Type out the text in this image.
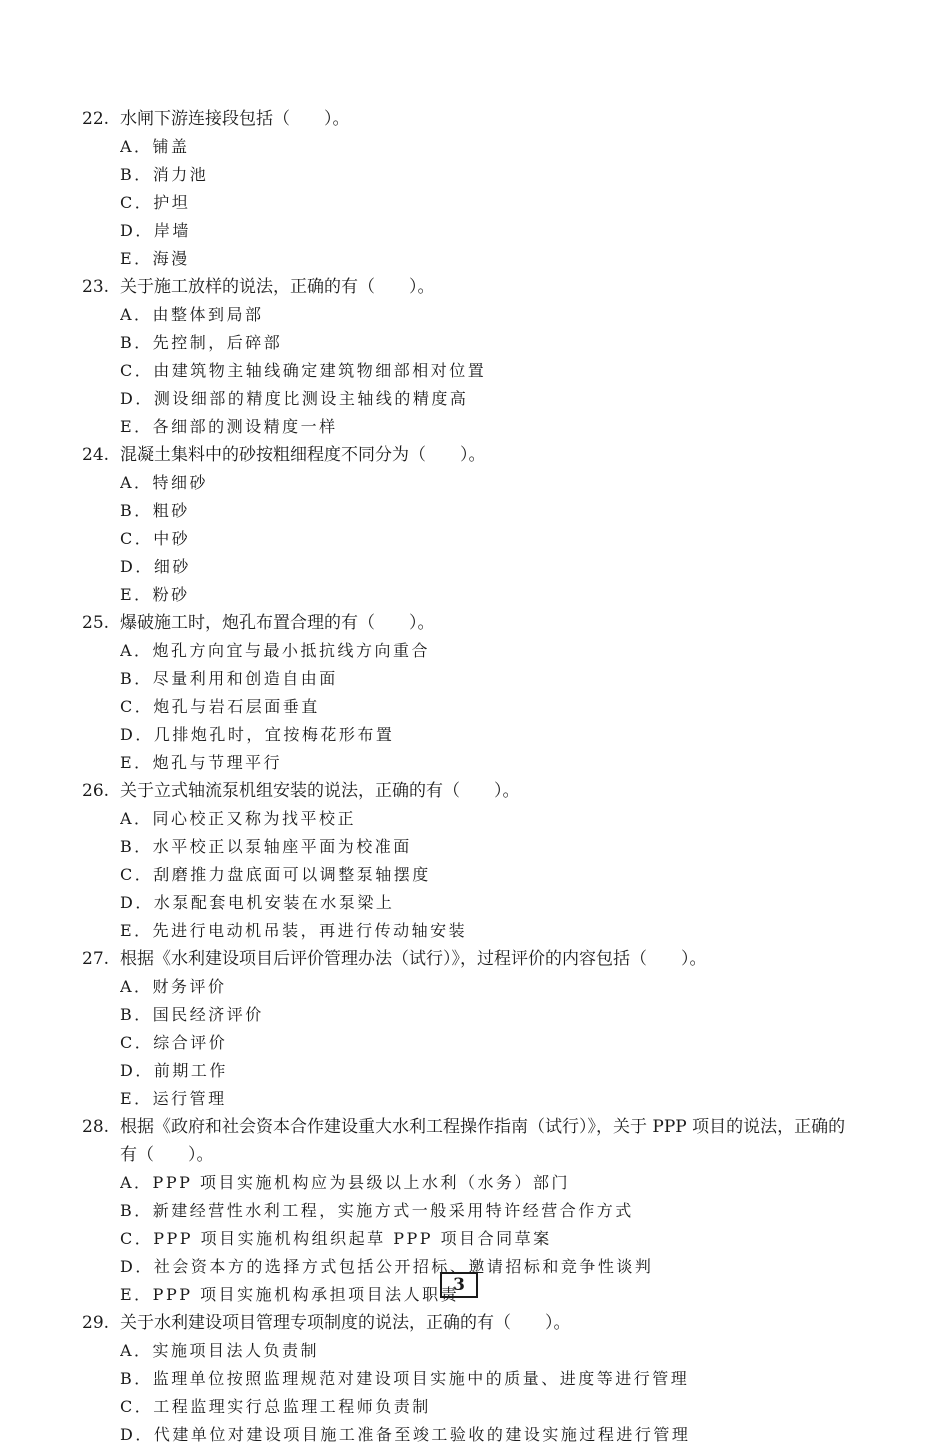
22. 水闸下游连接段包括（　　）。
A．铺盖
B．消力池
C．护坦
D．岸墙
E．海漫
23. 关于施工放样的说法，正确的有（　　）。
A．由整体到局部
B．先控制，后碎部
C．由建筑物主轴线确定建筑物细部相对位置
D．测设细部的精度比测设主轴线的精度高
E．各细部的测设精度一样
24. 混凝土集料中的砂按粗细程度不同分为（　　）。
A．特细砂
B．粗砂
C．中砂
D．细砂
E．粉砂
25. 爆破施工时，炮孔布置合理的有（　　）。
A．炮孔方向宜与最小抵抗线方向重合
B．尽量利用和创造自由面
C．炮孔与岩石层面垂直
D．几排炮孔时，宜按梅花形布置
E．炮孔与节理平行
26. 关于立式轴流泵机组安装的说法，正确的有（　　）。
A．同心校正又称为找平校正
B．水平校正以泵轴座平面为校准面
C．刮磨推力盘底面可以调整泵轴摆度
D．水泵配套电机安装在水泵梁上
E．先进行电动机吊装，再进行传动轴安装
27. 根据《水利建设项目后评价管理办法（试行）》，过程评价的内容包括（　　）。
A．财务评价
B．国民经济评价
C．综合评价
D．前期工作
E．运行管理
28. 根据《政府和社会资本合作建设重大水利工程操作指南（试行）》，关于 PPP 项目的说法，正确的有（　　）。
A．PPP 项目实施机构应为县级以上水利（水务）部门
B．新建经营性水利工程，实施方式一般采用特许经营合作方式
C．PPP 项目实施机构组织起草 PPP 项目合同草案
D．社会资本方的选择方式包括公开招标、邀请招标和竞争性谈判
E．PPP 项目实施机构承担项目法人职责
29. 关于水利建设项目管理专项制度的说法，正确的有（　　）。
A．实施项目法人负责制
B．监理单位按照监理规范对建设项目实施中的质量、进度等进行管理
C．工程监理实行总监理工程师负责制
D．代建单位对建设项目施工准备至竣工验收的建设实施过程进行管理
3
